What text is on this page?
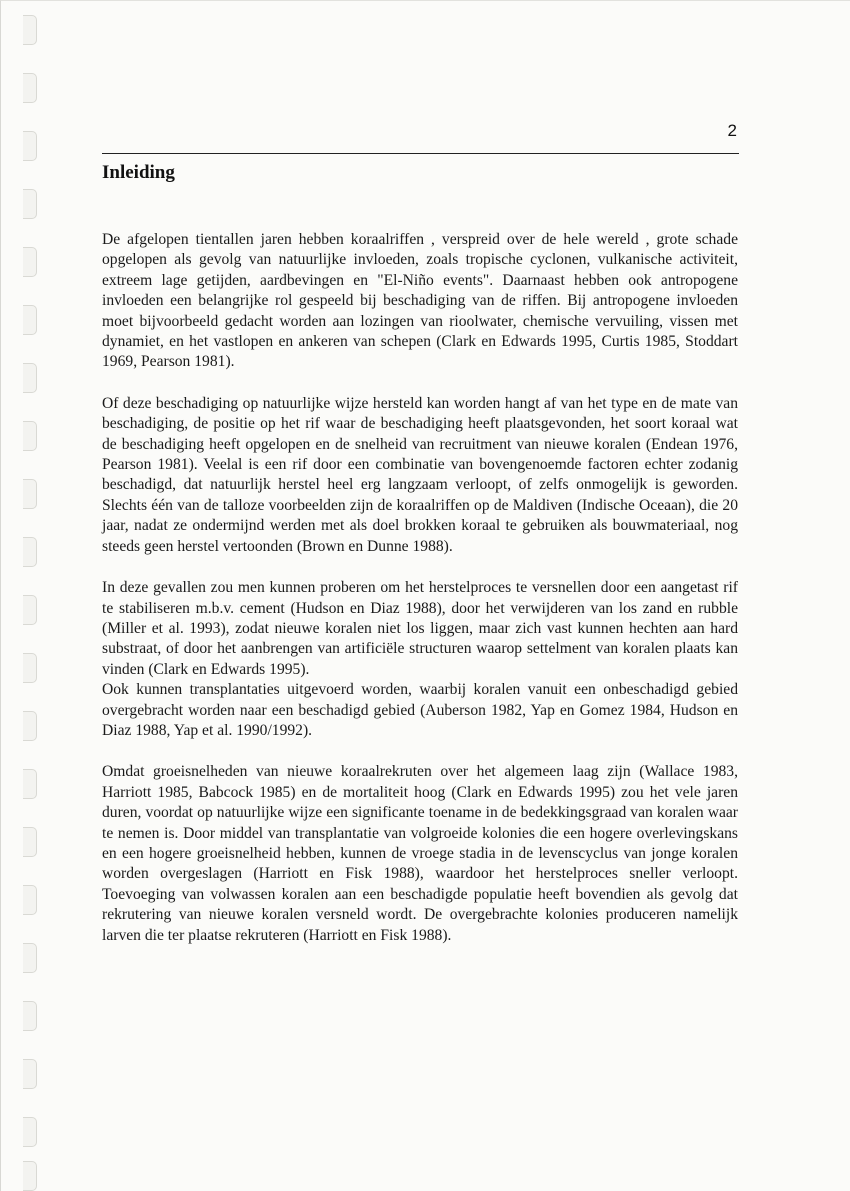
2
Inleiding

De afgelopen tientallen jaren hebben koraalriffen , verspreid over de hele wereld , grote schade opgelopen als gevolg van natuurlijke invloeden, zoals tropische cyclonen, vulkanische activiteit, extreem lage getijden, aardbevingen en "El-Niño events". Daarnaast hebben ook antropogene invloeden een belangrijke rol gespeeld bij beschadiging van de riffen. Bij antropogene invloeden moet bijvoorbeeld gedacht worden aan lozingen van rioolwater, chemische vervuiling, vissen met dynamiet, en het vastlopen en ankeren van schepen (Clark en Edwards 1995, Curtis 1985, Stoddart 1969, Pearson 1981).

Of deze beschadiging op natuurlijke wijze hersteld kan worden hangt af van het type en de mate van beschadiging, de positie op het rif waar de beschadiging heeft plaatsgevonden, het soort koraal wat de beschadiging heeft opgelopen en de snelheid van recruitment van nieuwe koralen (Endean 1976, Pearson 1981). Veelal is een rif door een combinatie van bovengenoemde factoren echter zodanig beschadigd, dat natuurlijk herstel heel erg langzaam verloopt, of zelfs onmogelijk is geworden. Slechts één van de talloze voorbeelden zijn de koraalriffen op de Maldiven (Indische Oceaan), die 20 jaar, nadat ze ondermijnd werden met als doel brokken koraal te gebruiken als bouwmateriaal, nog steeds geen herstel vertoonden (Brown en Dunne 1988).

In deze gevallen zou men kunnen proberen om het herstelproces te versnellen door een aangetast rif te stabiliseren m.b.v. cement (Hudson en Diaz 1988), door het verwijderen van los zand en rubble (Miller et al. 1993), zodat nieuwe koralen niet los liggen, maar zich vast kunnen hechten aan hard substraat, of door het aanbrengen van artificiële structuren waarop settelment van koralen plaats kan vinden (Clark en Edwards 1995).

Ook kunnen transplantaties uitgevoerd worden, waarbij koralen vanuit een onbeschadigd gebied overgebracht worden naar een beschadigd gebied (Auberson 1982, Yap en Gomez 1984, Hudson en Diaz 1988, Yap et al. 1990/1992).

Omdat groeisnelheden van nieuwe koraalrekruten over het algemeen laag zijn (Wallace 1983, Harriott 1985, Babcock 1985) en de mortaliteit hoog (Clark en Edwards 1995) zou het vele jaren duren, voordat op natuurlijke wijze een significante toename in de bedekkingsgraad van koralen waar te nemen is. Door middel van transplantatie van volgroeide kolonies die een hogere overlevingskans en een hogere groeisnelheid hebben, kunnen de vroege stadia in de levenscyclus van jonge koralen worden overgeslagen (Harriott en Fisk 1988), waardoor het herstelproces sneller verloopt. Toevoeging van volwassen koralen aan een beschadigde populatie heeft bovendien als gevolg dat rekrutering van nieuwe koralen versneld wordt. De overgebrachte kolonies produceren namelijk larven die ter plaatse rekruteren (Harriott en Fisk 1988).
